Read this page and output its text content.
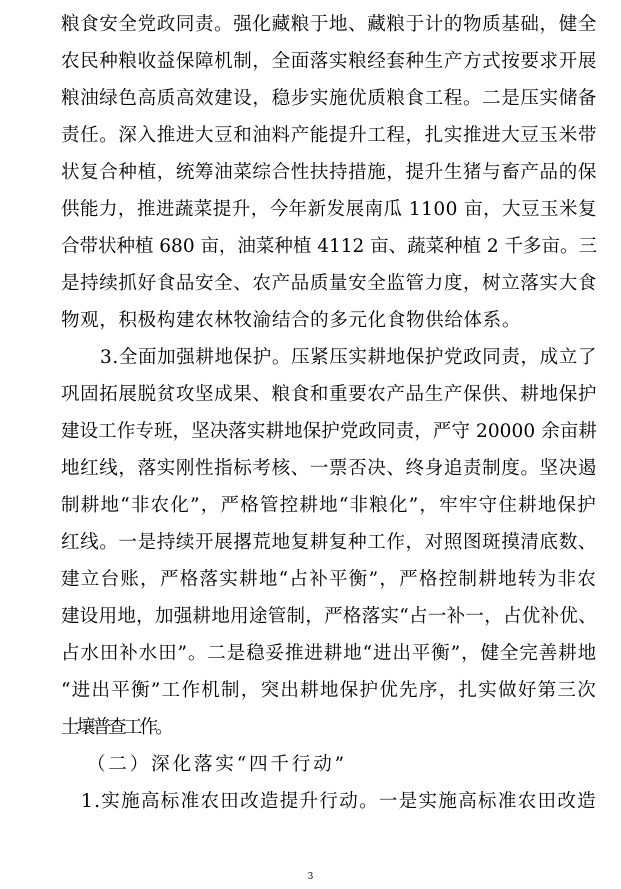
粮食安全党政同责。强化藏粮于地、藏粮于计的物质基础，健全
农民种粮收益保障机制，全面落实粮经套种生产方式按要求开展
粮油绿色高质高效建设，稳步实施优质粮食工程。二是压实储备
责任。深入推进大豆和油料产能提升工程，扎实推进大豆玉米带
状复合种植，统筹油菜综合性扶持措施，提升生猪与畜产品的保
供能力，推进蔬菜提升，今年新发展南瓜 1100 亩，大豆玉米复
合带状种植 680 亩，油菜种植 4112 亩、蔬菜种植 2 千多亩。三
是持续抓好食品安全、农产品质量安全监管力度，树立落实大食
物观，积极构建农林牧渝结合的多元化食物供给体系。
3.全面加强耕地保护。压紧压实耕地保护党政同责，成立了
巩固拓展脱贫攻坚成果、粮食和重要农产品生产保供、耕地保护
建设工作专班，坚决落实耕地保护党政同责，严守 20000 余亩耕
地红线，落实刚性指标考核、一票否决、终身追责制度。坚决遏
制耕地“非农化”，严格管控耕地“非粮化”，牢牢守住耕地保护
红线。一是持续开展撂荒地复耕复种工作，对照图斑摸清底数、
建立台账，严格落实耕地“占补平衡”，严格控制耕地转为非农
建设用地，加强耕地用途管制，严格落实“占一补一，占优补优、
占水田补水田”。二是稳妥推进耕地“进出平衡”，健全完善耕地
“进出平衡”工作机制，突出耕地保护优先序，扎实做好第三次
土壤普查工作。
（二）深化落实“四千行动”
1.实施高标准农田改造提升行动。一是实施高标准农田改造
3
